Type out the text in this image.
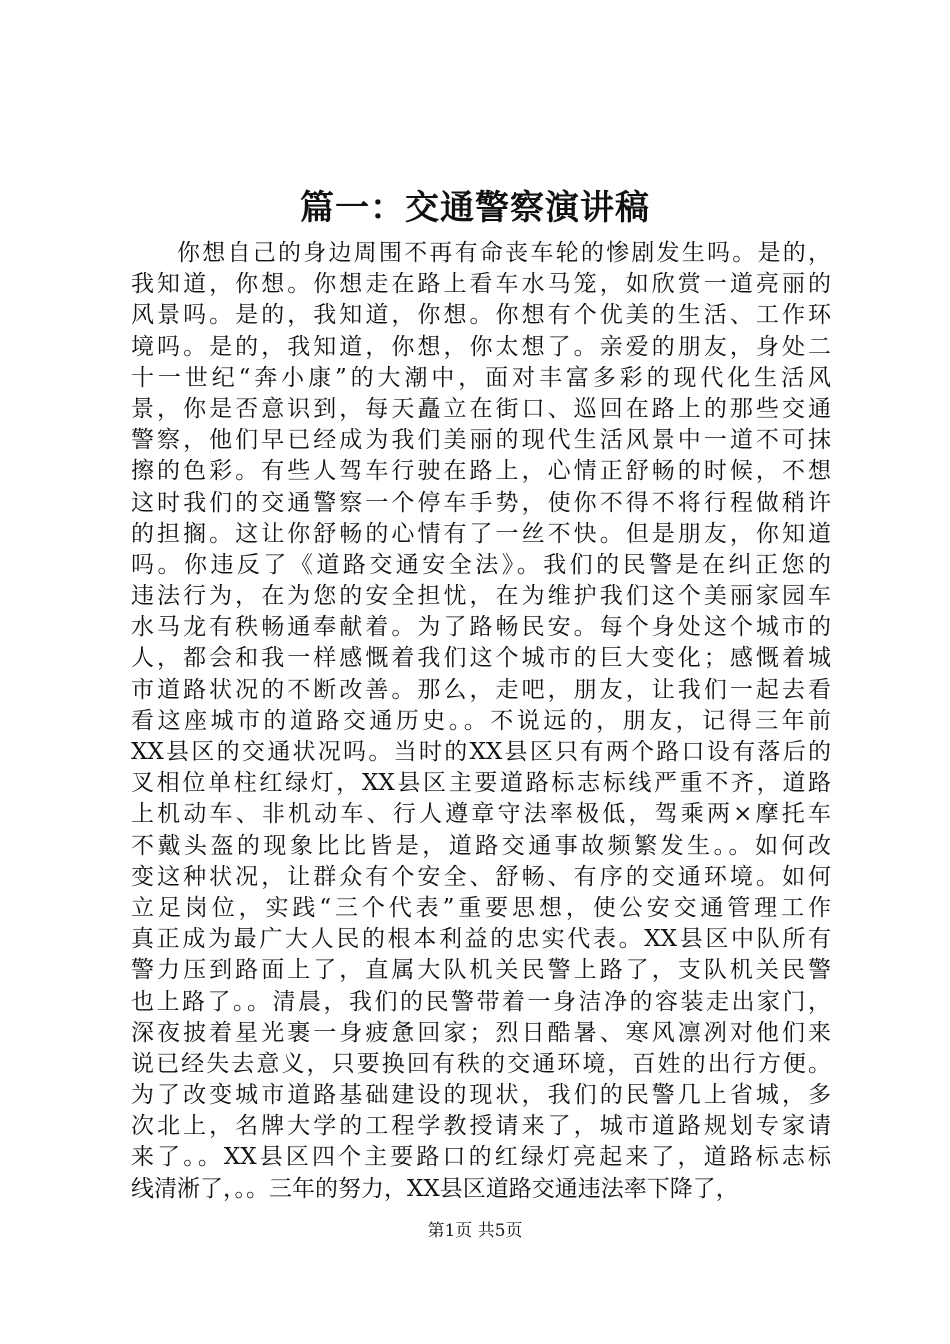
篇一：交通警察演讲稿
你想自己的身边周围不再有命丧车轮的惨剧发生吗。是的，
我知道，你想。你想走在路上看车水马笼，如欣赏一道亮丽的
风景吗。是的，我知道，你想。你想有个优美的生活、工作环
境吗。是的，我知道，你想，你太想了。亲爱的朋友，身处二
十一世纪“奔小康”的大潮中，面对丰富多彩的现代化生活风
景，你是否意识到，每天矗立在街口、巡回在路上的那些交通
警察，他们早已经成为我们美丽的现代生活风景中一道不可抹
擦的色彩。有些人驾车行驶在路上，心情正舒畅的时候，不想
这时我们的交通警察一个停车手势，使你不得不将行程做稍许
的担搁。这让你舒畅的心情有了一丝不快。但是朋友，你知道
吗。你违反了《道路交通安全法》。我们的民警是在纠正您的
违法行为，在为您的安全担忧，在为维护我们这个美丽家园车
水马龙有秩畅通奉献着。为了路畅民安。每个身处这个城市的
人，都会和我一样感慨着我们这个城市的巨大变化；感慨着城
市道路状况的不断改善。那么，走吧，朋友，让我们一起去看
看这座城市的道路交通历史。。不说远的，朋友，记得三年前
XX县区的交通状况吗。当时的XX县区只有两个路口设有落后的
叉相位单柱红绿灯，XX县区主要道路标志标线严重不齐，道路
上机动车、非机动车、行人遵章守法率极低，驾乘两×摩托车
不戴头盔的现象比比皆是，道路交通事故频繁发生。。如何改
变这种状况，让群众有个安全、舒畅、有序的交通环境。如何
立足岗位，实践“三个代表”重要思想，使公安交通管理工作
真正成为最广大人民的根本利益的忠实代表。XX县区中队所有
警力压到路面上了，直属大队机关民警上路了，支队机关民警
也上路了。。清晨，我们的民警带着一身洁净的容装走出家门，
深夜披着星光裹一身疲惫回家；烈日酷暑、寒风凛冽对他们来
说已经失去意义，只要换回有秩的交通环境，百姓的出行方便。
为了改变城市道路基础建设的现状，我们的民警几上省城，多
次北上，名牌大学的工程学教授请来了，城市道路规划专家请
来了。。XX县区四个主要路口的红绿灯亮起来了，道路标志标
线清淅了，。。三年的努力，XX县区道路交通违法率下降了，
第1页 共5页
